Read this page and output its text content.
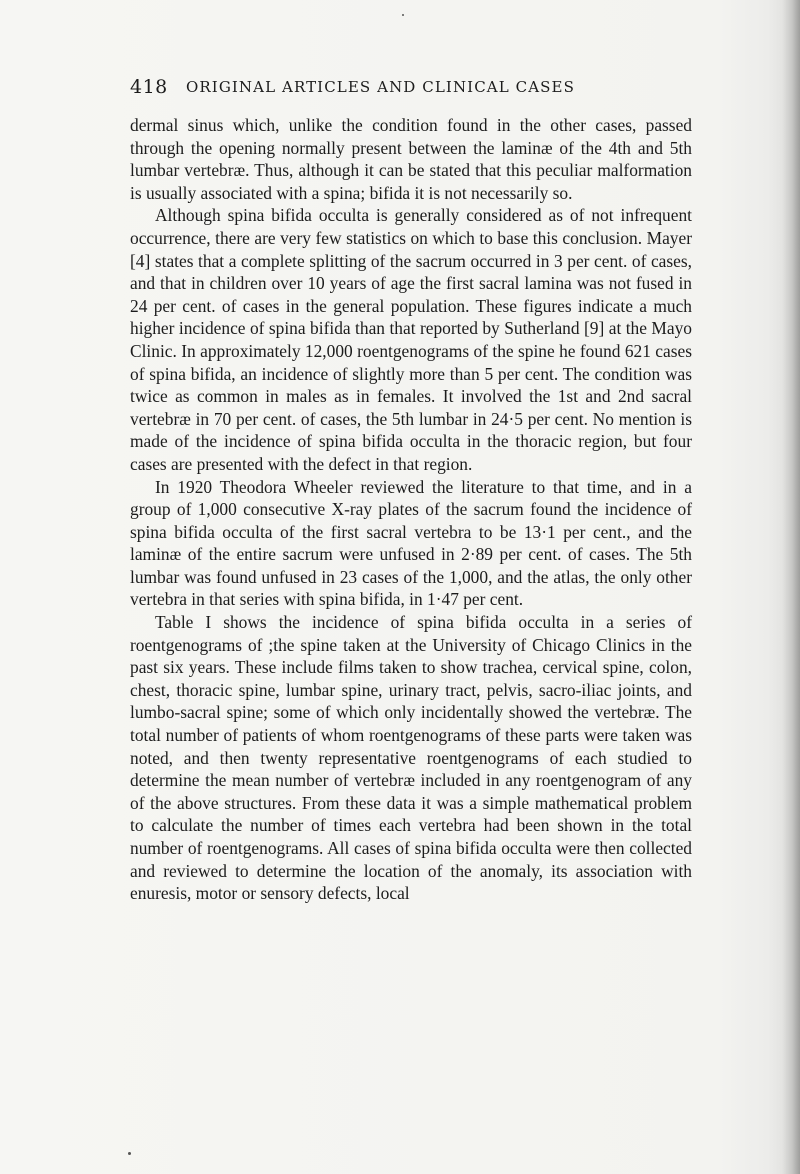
418 ORIGINAL ARTICLES AND CLINICAL CASES

dermal sinus which, unlike the condition found in the other cases, passed through the opening normally present between the laminæ of the 4th and 5th lumbar vertebræ. Thus, although it can be stated that this peculiar malformation is usually associated with a spina; bifida it is not necessarily so.

Although spina bifida occulta is generally considered as of not infrequent occurrence, there are very few statistics on which to base this conclusion. Mayer [4] states that a complete splitting of the sacrum occurred in 3 per cent. of cases, and that in children over 10 years of age the first sacral lamina was not fused in 24 per cent. of cases in the general population. These figures indicate a much higher incidence of spina bifida than that reported by Sutherland [9] at the Mayo Clinic. In approximately 12,000 roentgenograms of the spine he found 621 cases of spina bifida, an incidence of slightly more than 5 per cent. The condition was twice as common in males as in females. It involved the 1st and 2nd sacral vertebræ in 70 per cent. of cases, the 5th lumbar in 24·5 per cent. No mention is made of the incidence of spina bifida occulta in the thoracic region, but four cases are presented with the defect in that region.

In 1920 Theodora Wheeler reviewed the literature to that time, and in a group of 1,000 consecutive X-ray plates of the sacrum found the incidence of spina bifida occulta of the first sacral vertebra to be 13·1 per cent., and the laminæ of the entire sacrum were unfused in 2·89 per cent. of cases. The 5th lumbar was found unfused in 23 cases of the 1,000, and the atlas, the only other vertebra in that series with spina bifida, in 1·47 per cent.

Table I shows the incidence of spina bifida occulta in a series of roentgenograms of ;the spine taken at the University of Chicago Clinics in the past six years. These include films taken to show trachea, cervical spine, colon, chest, thoracic spine, lumbar spine, urinary tract, pelvis, sacro-iliac joints, and lumbo-sacral spine; some of which only incidentally showed the vertebræ. The total number of patients of whom roentgenograms of these parts were taken was noted, and then twenty representative roentgenograms of each studied to determine the mean number of vertebræ included in any roentgenogram of any of the above structures. From these data it was a simple mathematical problem to calculate the number of times each vertebra had been shown in the total number of roentgenograms. All cases of spina bifida occulta were then collected and reviewed to determine the location of the anomaly, its association with enuresis, motor or sensory defects, local
